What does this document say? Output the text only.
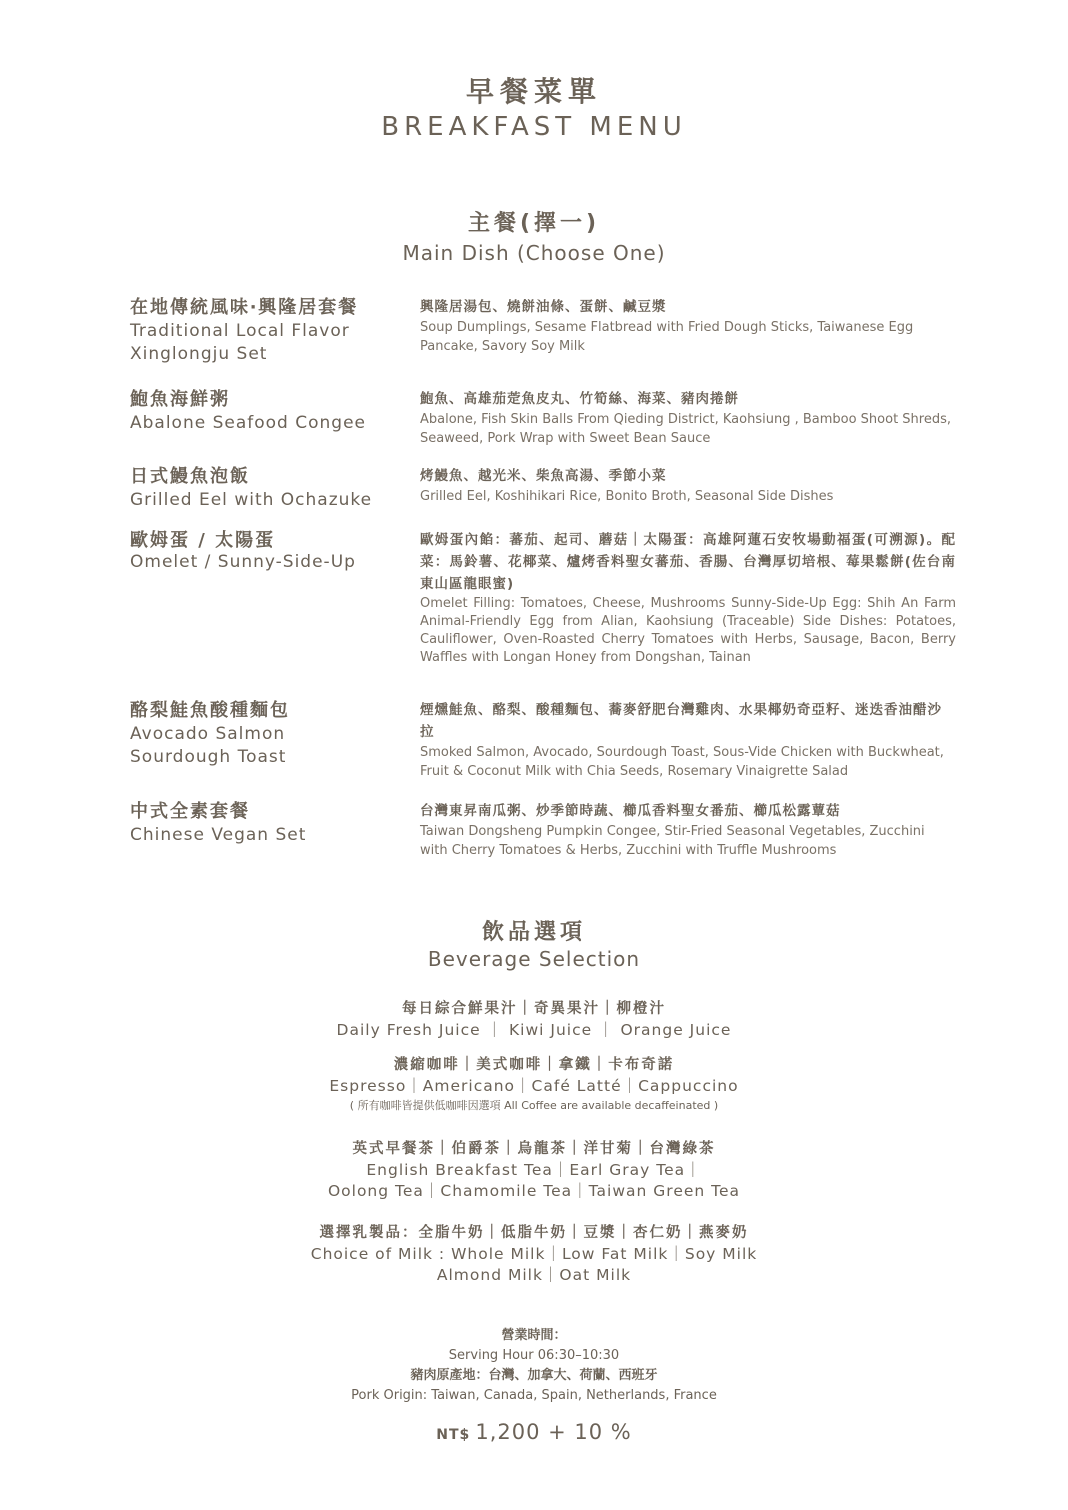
早餐菜單
BREAKFAST MENU
主餐(擇一)
Main Dish (Choose One)
在地傳統風味‧興隆居套餐
Traditional Local Flavor
Xinglongju Set
興隆居湯包、燒餅油條、蛋餅、鹹豆漿
Soup Dumplings, Sesame Flatbread with Fried Dough Sticks, Taiwanese Egg Pancake, Savory Soy Milk
鮑魚海鮮粥
Abalone Seafood Congee
鮑魚、高雄茄萣魚皮丸、竹筍絲、海菜、豬肉捲餅
Abalone, Fish Skin Balls From Qieding District, Kaohsiung , Bamboo Shoot Shreds, Seaweed, Pork Wrap with Sweet Bean Sauce
日式鰻魚泡飯
Grilled Eel with Ochazuke
烤鰻魚、越光米、柴魚高湯、季節小菜
Grilled Eel, Koshihikari Rice, Bonito Broth, Seasonal Side Dishes
歐姆蛋 / 太陽蛋
Omelet / Sunny-Side-Up
歐姆蛋內餡：蕃茄、起司、蘑菇｜太陽蛋：高雄阿蓮石安牧場動福蛋(可溯源)。配菜：馬鈴薯、花椰菜、爐烤香料聖女蕃茄、香腸、台灣厚切培根、莓果鬆餅(佐台南東山區龍眼蜜)
Omelet Filling: Tomatoes, Cheese, Mushrooms Sunny-Side-Up Egg: Shih An Farm Animal-Friendly Egg from Alian, Kaohsiung (Traceable) Side Dishes: Potatoes, Cauliflower, Oven-Roasted Cherry Tomatoes with Herbs, Sausage, Bacon, Berry Waffles with Longan Honey from Dongshan, Tainan
酪梨鮭魚酸種麵包
Avocado Salmon
Sourdough Toast
煙燻鮭魚、酪梨、酸種麵包、蕎麥舒肥台灣雞肉、水果椰奶奇亞籽、迷迭香油醋沙拉
Smoked Salmon, Avocado, Sourdough Toast, Sous-Vide Chicken with Buckwheat, Fruit & Coconut Milk with Chia Seeds, Rosemary Vinaigrette Salad
中式全素套餐
Chinese Vegan Set
台灣東昇南瓜粥、炒季節時蔬、櫛瓜香料聖女番茄、櫛瓜松露蕈菇
Taiwan Dongsheng Pumpkin Congee, Stir-Fried Seasonal Vegetables, Zucchini with Cherry Tomatoes & Herbs, Zucchini with Truffle Mushrooms
飲品選項
Beverage Selection
每日綜合鮮果汁｜奇異果汁｜柳橙汁
Daily Fresh Juice ｜ Kiwi Juice ｜ Orange Juice
濃縮咖啡｜美式咖啡｜拿鐵｜卡布奇諾
Espresso｜Americano｜Café Latté｜Cappuccino
( 所有咖啡皆提供低咖啡因選項 All Coffee are available decaffeinated )
英式早餐茶｜伯爵茶｜烏龍茶｜洋甘菊｜台灣綠茶
English Breakfast Tea｜Earl Gray Tea｜
Oolong Tea｜Chamomile Tea｜Taiwan Green Tea
選擇乳製品：全脂牛奶｜低脂牛奶｜豆漿｜杏仁奶｜燕麥奶
Choice of Milk : Whole Milk｜Low Fat Milk｜Soy Milk
Almond Milk｜Oat Milk
營業時間：
Serving Hour 06:30–10:30
豬肉原產地：台灣、加拿大、荷蘭、西班牙
Pork Origin: Taiwan, Canada, Spain, Netherlands, France
NT$ 1,200 + 10 %
